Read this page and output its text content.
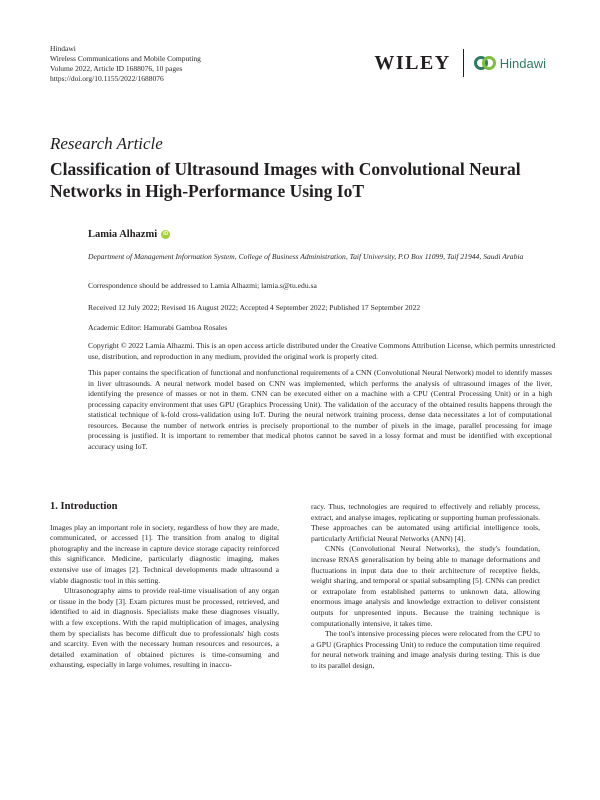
Hindawi
Wireless Communications and Mobile Computing
Volume 2022, Article ID 1688076, 10 pages
https://doi.org/10.1155/2022/1688076
WILEY	Hindawi
Research Article
Classification of Ultrasound Images with Convolutional Neural Networks in High-Performance Using IoT
Lamia Alhazmi	iD
Department of Management Information System, College of Business Administration, Taif University, P.O Box 11099, Taif 21944, Saudi Arabia
Correspondence should be addressed to Lamia Alhazmi; lamia.s@tu.edu.sa
Received 12 July 2022; Revised 16 August 2022; Accepted 4 September 2022; Published 17 September 2022
Academic Editor: Hamurabi Gamboa Rosales
Copyright © 2022 Lamia Alhazmi. This is an open access article distributed under the Creative Commons Attribution License, which permits unrestricted use, distribution, and reproduction in any medium, provided the original work is properly cited.
This paper contains the specification of functional and nonfunctional requirements of a CNN (Convolutional Neural Network) model to identify masses in liver ultrasounds. A neural network model based on CNN was implemented, which performs the analysis of ultrasound images of the liver, identifying the presence of masses or not in them. CNN can be executed either on a machine with a CPU (Central Processing Unit) or in a high processing capacity environment that uses GPU (Graphics Processing Unit). The validation of the accuracy of the obtained results happens through the statistical technique of k-fold cross-validation using IoT. During the neural network training process, dense data necessitates a lot of computational resources. Because the number of network entries is precisely proportional to the number of pixels in the image, parallel processing for image processing is justified. It is important to remember that medical photos cannot be saved in a lossy format and must be identified with exceptional accuracy using IoT.
1. Introduction

Images play an important role in society, regardless of how they are made, communicated, or accessed [1]. The transition from analog to digital photography and the increase in capture device storage capacity reinforced this significance. Medicine, particularly diagnostic imaging, makes extensive use of images [2]. Technical developments made ultrasound a viable diagnostic tool in this setting.

Ultrasonography aims to provide real-time visualisation of any organ or tissue in the body [3]. Exam pictures must be processed, retrieved, and identified to aid in diagnosis. Specialists make these diagnoses visually, with a few exceptions. With the rapid multiplication of images, analysing them by specialists has become difficult due to professionals' high costs and scarcity. Even with the necessary human resources and resources, a detailed examination of obtained pictures is time-consuming and exhausting, especially in large volumes, resulting in inaccu-

racy. Thus, technologies are required to effectively and reliably process, extract, and analyse images, replicating or supporting human professionals. These approaches can be automated using artificial intelligence tools, particularly Artificial Neural Networks (ANN) [4].

CNNs (Convolutional Neural Networks), the study's foundation, increase RNAS generalisation by being able to manage deformations and fluctuations in input data due to their architecture of receptive fields, weight sharing, and temporal or spatial subsampling [5]. CNNs can predict or extrapolate from established patterns to unknown data, allowing enormous image analysis and knowledge extraction to deliver consistent outputs for unpresented inputs. Because the training technique is computationally intensive, it takes time.

The tool's intensive processing pieces were relocated from the CPU to a GPU (Graphics Processing Unit) to reduce the computation time required for neural network training and image analysis during testing. This is due to its parallel design,
